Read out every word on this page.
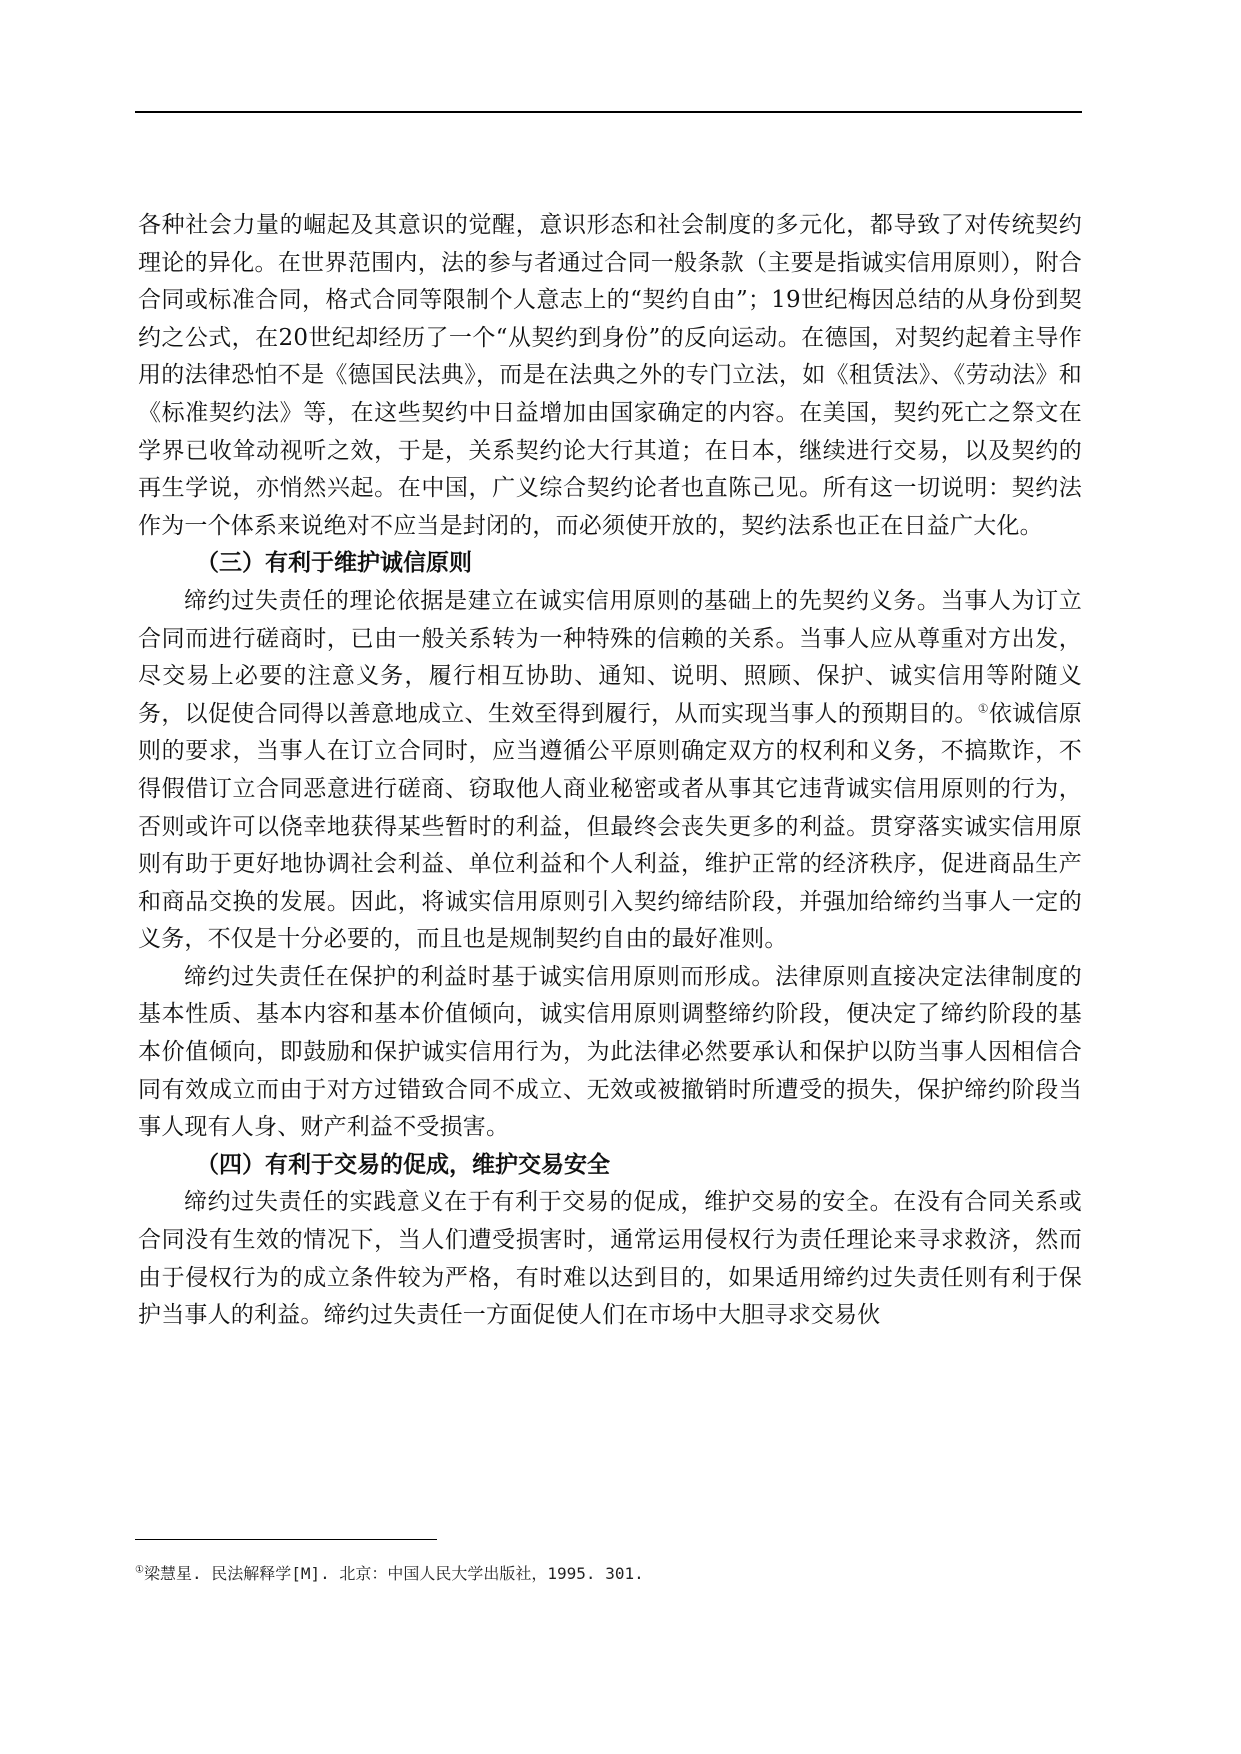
各种社会力量的崛起及其意识的觉醒，意识形态和社会制度的多元化，都导致了对传统契约理论的异化。在世界范围内，法的参与者通过合同一般条款（主要是指诚实信用原则），附合合同或标准合同，格式合同等限制个人意志上的“契约自由”；19世纪梅因总结的从身份到契约之公式，在20世纪却经历了一个“从契约到身份”的反向运动。在德国，对契约起着主导作用的法律恐怕不是《德国民法典》，而是在法典之外的专门立法，如《租赁法》、《劳动法》和《标准契约法》等，在这些契约中日益增加由国家确定的内容。在美国，契约死亡之祭文在学界已收耸动视听之效，于是，关系契约论大行其道；在日本，继续进行交易，以及契约的再生学说，亦悄然兴起。在中国，广义综合契约论者也直陈己见。所有这一切说明：契约法作为一个体系来说绝对不应当是封闭的，而必须使开放的，契约法系也正在日益广大化。

（三）有利于维护诚信原则

缔约过失责任的理论依据是建立在诚实信用原则的基础上的先契约义务。当事人为订立合同而进行磋商时，已由一般关系转为一种特殊的信赖的关系。当事人应从尊重对方出发，尽交易上必要的注意义务，履行相互协助、通知、说明、照顾、保护、诚实信用等附随义务，以促使合同得以善意地成立、生效至得到履行，从而实现当事人的预期目的。①依诚信原则的要求，当事人在订立合同时，应当遵循公平原则确定双方的权利和义务，不搞欺诈，不得假借订立合同恶意进行磋商、窃取他人商业秘密或者从事其它违背诚实信用原则的行为，否则或许可以侥幸地获得某些暂时的利益，但最终会丧失更多的利益。贯穿落实诚实信用原则有助于更好地协调社会利益、单位利益和个人利益，维护正常的经济秩序，促进商品生产和商品交换的发展。因此，将诚实信用原则引入契约缔结阶段，并强加给缔约当事人一定的义务，不仅是十分必要的，而且也是规制契约自由的最好准则。

缔约过失责任在保护的利益时基于诚实信用原则而形成。法律原则直接决定法律制度的基本性质、基本内容和基本价值倾向，诚实信用原则调整缔约阶段，便决定了缔约阶段的基本价值倾向，即鼓励和保护诚实信用行为，为此法律必然要承认和保护以防当事人因相信合同有效成立而由于对方过错致合同不成立、无效或被撤销时所遭受的损失，保护缔约阶段当事人现有人身、财产利益不受损害。

（四）有利于交易的促成，维护交易安全

缔约过失责任的实践意义在于有利于交易的促成，维护交易的安全。在没有合同关系或合同没有生效的情况下，当人们遭受损害时，通常运用侵权行为责任理论来寻求救济，然而由于侵权行为的成立条件较为严格，有时难以达到目的，如果适用缔约过失责任则有利于保护当事人的利益。缔约过失责任一方面促使人们在市场中大胆寻求交易伙

①梁慧星. 民法解释学[M]. 北京：中国人民大学出版社，1995. 301.
